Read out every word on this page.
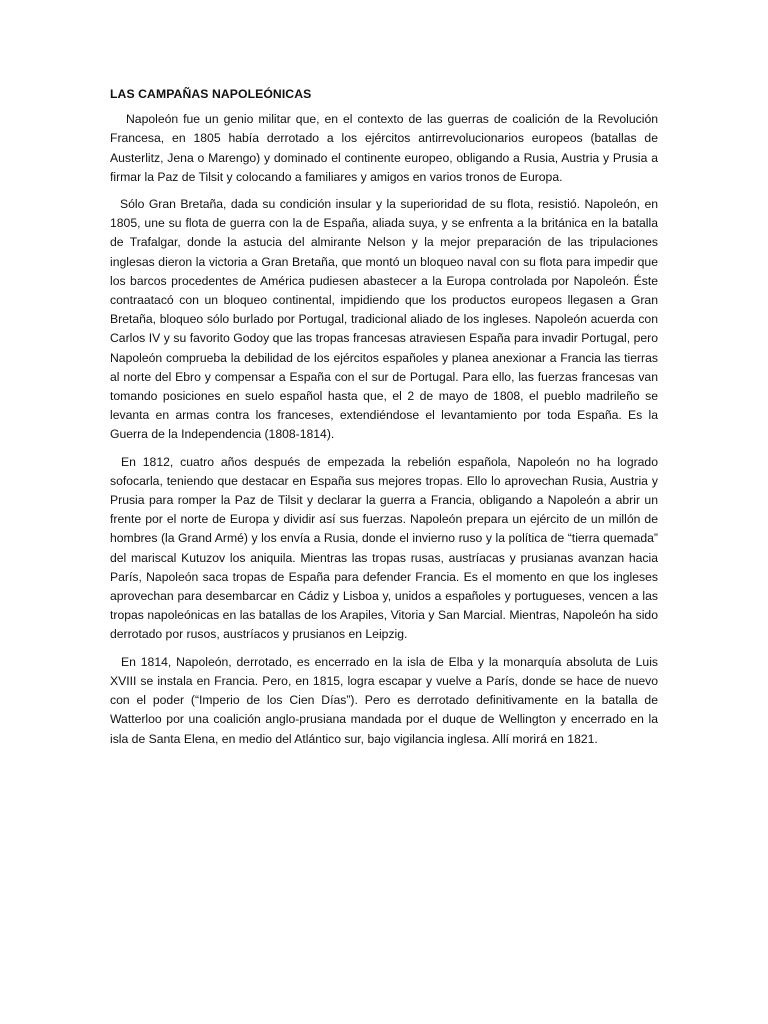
LAS CAMPAÑAS NAPOLEÓNICAS

Napoleón fue un genio militar que, en el contexto de las guerras de coalición de la Revolución Francesa, en 1805 había derrotado a los ejércitos antirrevolucionarios europeos (batallas de Austerlitz, Jena o Marengo) y dominado el continente europeo, obligando a Rusia, Austria y Prusia a firmar la Paz de Tilsit y colocando a familiares y amigos en varios tronos de Europa.

Sólo Gran Bretaña, dada su condición insular y la superioridad de su flota, resistió. Napoleón, en 1805, une su flota de guerra con la de España, aliada suya, y se enfrenta a la británica en la batalla de Trafalgar, donde la astucia del almirante Nelson y la mejor preparación de las tripulaciones inglesas dieron la victoria a Gran Bretaña, que montó un bloqueo naval con su flota para impedir que los barcos procedentes de América pudiesen abastecer a la Europa controlada por Napoleón. Éste contraatacó con un bloqueo continental, impidiendo que los productos europeos llegasen a Gran Bretaña, bloqueo sólo burlado por Portugal, tradicional aliado de los ingleses. Napoleón acuerda con Carlos IV y su favorito Godoy que las tropas francesas atraviesen España para invadir Portugal, pero Napoleón comprueba la debilidad de los ejércitos españoles y planea anexionar a Francia las tierras al norte del Ebro y compensar a España con el sur de Portugal. Para ello, las fuerzas francesas van tomando posiciones en suelo español hasta que, el 2 de mayo de 1808, el pueblo madrileño se levanta en armas contra los franceses, extendiéndose el levantamiento por toda España. Es la Guerra de la Independencia (1808-1814).

En 1812, cuatro años después de empezada la rebelión española, Napoleón no ha logrado sofocarla, teniendo que destacar en España sus mejores tropas. Ello lo aprovechan Rusia, Austria y Prusia para romper la Paz de Tilsit y declarar la guerra a Francia, obligando a Napoleón a abrir un frente por el norte de Europa y dividir así sus fuerzas. Napoleón prepara un ejército de un millón de hombres (la Grand Armé) y los envía a Rusia, donde el invierno ruso y la política de “tierra quemada” del mariscal Kutuzov los aniquila. Mientras las tropas rusas, austríacas y prusianas avanzan hacia París, Napoleón saca tropas de España para defender Francia. Es el momento en que los ingleses aprovechan para desembarcar en Cádiz y Lisboa y, unidos a españoles y portugueses, vencen a las tropas napoleónicas en las batallas de los Arapiles, Vitoria y San Marcial. Mientras, Napoleón ha sido derrotado por rusos, austríacos y prusianos en Leipzig.

En 1814, Napoleón, derrotado, es encerrado en la isla de Elba y la monarquía absoluta de Luis XVIII se instala en Francia. Pero, en 1815, logra escapar y vuelve a París, donde se hace de nuevo con el poder (“Imperio de los Cien Días”). Pero es derrotado definitivamente en la batalla de Watterloo por una coalición anglo-prusiana mandada por el duque de Wellington y encerrado en la isla de Santa Elena, en medio del Atlántico sur, bajo vigilancia inglesa. Allí morirá en 1821.
